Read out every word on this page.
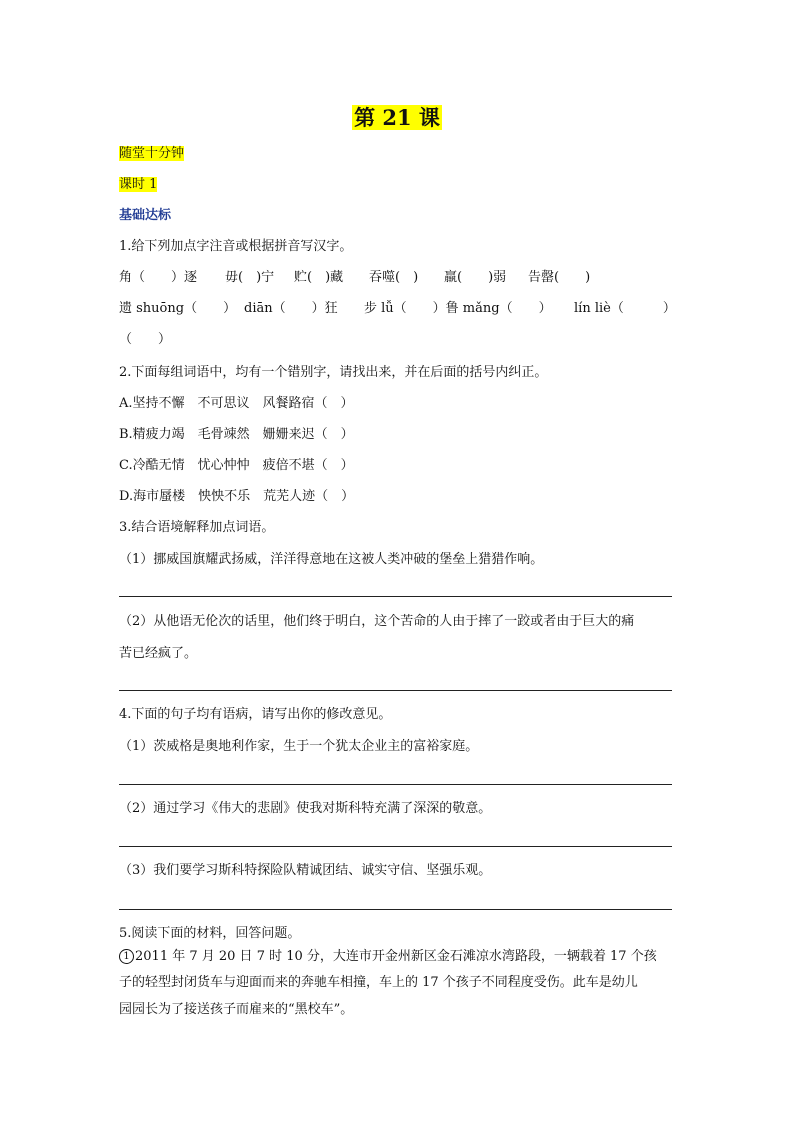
第 21 课
随堂十分钟
课时 1
基础达标
1.给下列加点字注音或根据拼音写汉字。
角（　　）逐 毋(　)宁 贮(　)藏 吞噬(　) 羸(　　)弱 告罄(　　)
遗 shuōng（　　） diān（　　）狂 步 lǚ（　　）鲁 mǎng（　　） lín liè（　　　）
（　　）
2.下面每组词语中，均有一个错别字，请找出来，并在后面的括号内纠正。
A.坚持不懈　不可思议　风餐路宿（　）
B.精疲力竭　毛骨竦然　姗姗来迟（　）
C.冷酷无情　忧心忡忡　疲倍不堪（　）
D.海市蜃楼　怏怏不乐　荒芜人迹（　）
3.结合语境解释加点词语。
（1）挪威国旗耀武扬威，洋洋得意地在这被人类冲破的堡垒上猎猎作响。
（2）从他语无伦次的话里，他们终于明白，这个苦命的人由于摔了一跤或者由于巨大的痛
苦已经疯了。
4.下面的句子均有语病，请写出你的修改意见。
（1）茨威格是奥地利作家，生于一个犹太企业主的富裕家庭。
（2）通过学习《伟大的悲剧》使我对斯科特充满了深深的敬意。
（3）我们要学习斯科特探险队精诚团结、诚实守信、坚强乐观。
5.阅读下面的材料，回答问题。
1 2011 年 7 月 20 日 7 时 10 分，大连市开金州新区金石滩凉水湾路段，一辆载着 17 个孩
子的轻型封闭货车与迎面而来的奔驰车相撞，车上的 17 个孩子不同程度受伤。此车是幼儿
园园长为了接送孩子而雇来的“黑校车”。
